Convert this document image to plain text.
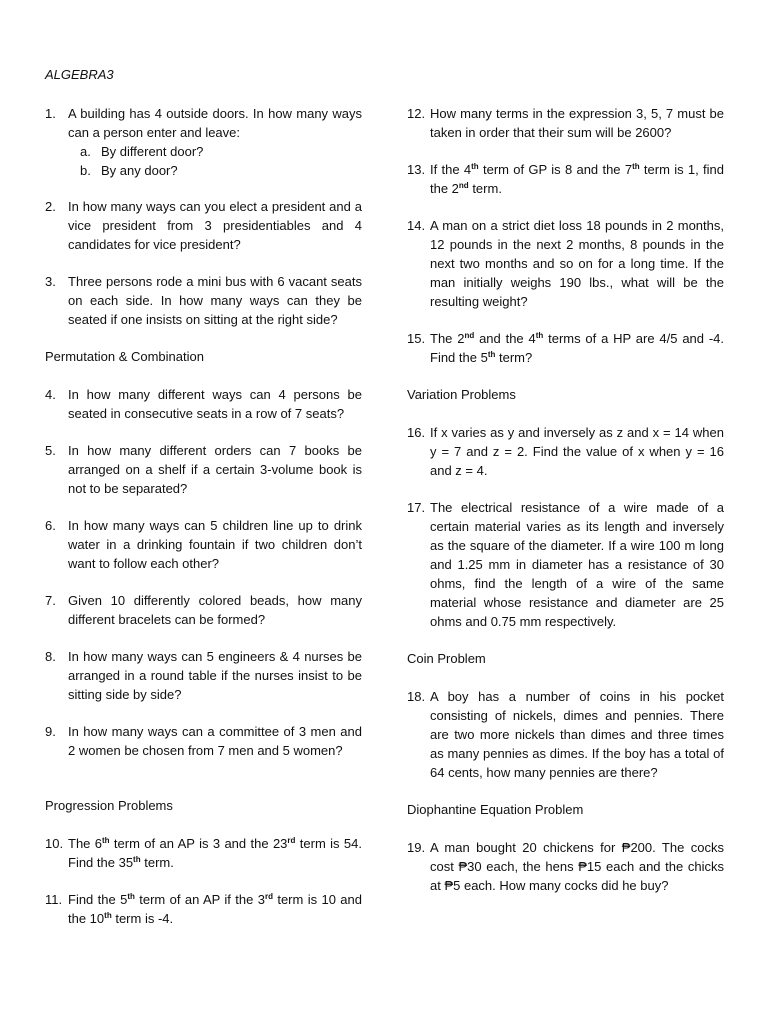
ALGEBRA3
1. A building has 4 outside doors. In how many ways can a person enter and leave:
a. By different door?
b. By any door?
2. In how many ways can you elect a president and a vice president from 3 presidentiables and 4 candidates for vice president?
3. Three persons rode a mini bus with 6 vacant seats on each side. In how many ways can they be seated if one insists on sitting at the right side?
Permutation & Combination
4. In how many different ways can 4 persons be seated in consecutive seats in a row of 7 seats?
5. In how many different orders can 7 books be arranged on a shelf if a certain 3-volume book is not to be separated?
6. In how many ways can 5 children line up to drink water in a drinking fountain if two children don’t want to follow each other?
7. Given 10 differently colored beads, how many different bracelets can be formed?
8. In how many ways can 5 engineers & 4 nurses be arranged in a round table if the nurses insist to be sitting side by side?
9. In how many ways can a committee of 3 men and 2 women be chosen from 7 men and 5 women?
Progression Problems
10. The 6th term of an AP is 3 and the 23rd term is 54. Find the 35th term.
11. Find the 5th term of an AP if the 3rd term is 10 and the 10th term is -4.
12. How many terms in the expression 3, 5, 7 must be taken in order that their sum will be 2600?
13. If the 4th term of GP is 8 and the 7th term is 1, find the 2nd term.
14. A man on a strict diet loss 18 pounds in 2 months, 12 pounds in the next 2 months, 8 pounds in the next two months and so on for a long time. If the man initially weighs 190 lbs., what will be the resulting weight?
15. The 2nd and the 4th terms of a HP are 4/5 and -4. Find the 5th term?
Variation Problems
16. If x varies as y and inversely as z and x = 14 when y = 7 and z = 2. Find the value of x when y = 16 and z = 4.
17. The electrical resistance of a wire made of a certain material varies as its length and inversely as the square of the diameter. If a wire 100 m long and 1.25 mm in diameter has a resistance of 30 ohms, find the length of a wire of the same material whose resistance and diameter are 25 ohms and 0.75 mm respectively.
Coin Problem
18. A boy has a number of coins in his pocket consisting of nickels, dimes and pennies. There are two more nickels than dimes and three times as many pennies as dimes. If the boy has a total of 64 cents, how many pennies are there?
Diophantine Equation Problem
19. A man bought 20 chickens for ₱200. The cocks cost ₱30 each, the hens ₱15 each and the chicks at ₱5 each. How many cocks did he buy?
